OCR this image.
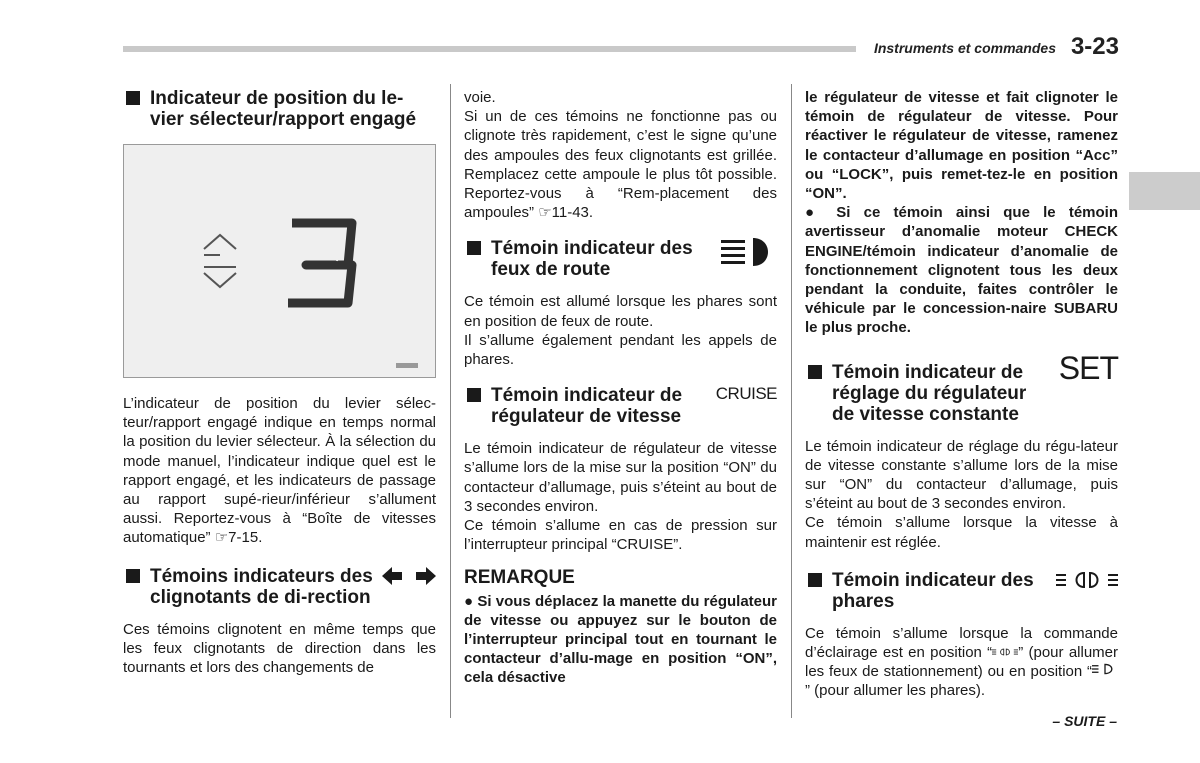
Instruments et commandes 3-23
Indicateur de position du le-vier sélecteur/rapport engagé

L’indicateur de position du levier sélec-teur/rapport engagé indique en temps normal la position du levier sélecteur. À la sélection du mode manuel, l’indicateur indique quel est le rapport engagé, et les indicateurs de passage au rapport supé-rieur/inférieur s’allument aussi. Reportez-vous à “Boîte de vitesses automatique” ☞7-15.

Témoins indicateurs des clignotants de di-rection

Ces témoins clignotent en même temps que les feux clignotants de direction dans les tournants et lors des changements de

voie.

Si un de ces témoins ne fonctionne pas ou clignote très rapidement, c’est le signe qu’une des ampoules des feux clignotants est grillée. Remplacez cette ampoule le plus tôt possible. Reportez-vous à “Rem-placement des ampoules” ☞11-43.

Témoin indicateur des feux de route

Ce témoin est allumé lorsque les phares sont en position de feux de route.

Il s’allume également pendant les appels de phares.

Témoin indicateur de régulateur de vitesse
CRUISE

Le témoin indicateur de régulateur de vitesse s’allume lors de la mise sur la position “ON” du contacteur d’allumage, puis s’éteint au bout de 3 secondes environ.

Ce témoin s’allume en cas de pression sur l’interrupteur principal “CRUISE”.

REMARQUE

● Si vous déplacez la manette du régulateur de vitesse ou appuyez sur le bouton de l’interrupteur principal tout en tournant le contacteur d’allu-mage en position “ON”, cela désactive

le régulateur de vitesse et fait clignoter le témoin de régulateur de vitesse. Pour réactiver le régulateur de vitesse, ramenez le contacteur d’allumage en position “Acc” ou “LOCK”, puis remet-tez-le en position “ON”.

● Si ce témoin ainsi que le témoin avertisseur d’anomalie moteur CHECK ENGINE/témoin indicateur d’anomalie de fonctionnement clignotent tous les deux pendant la conduite, faites contrôler le véhicule par le concession-naire SUBARU le plus proche.

Témoin indicateur de réglage du régulateur de vitesse constante
SET

Le témoin indicateur de réglage du régu-lateur de vitesse constante s’allume lors de la mise sur “ON” du contacteur d’allumage, puis s’éteint au bout de 3 secondes environ.

Ce témoin s’allume lorsque la vitesse à maintenir est réglée.

Témoin indicateur des phares

Ce témoin s’allume lorsque la commande d’éclairage est en position “ ” (pour allumer les feux de stationnement) ou en position “” (pour allumer les phares).

– SUITE –
